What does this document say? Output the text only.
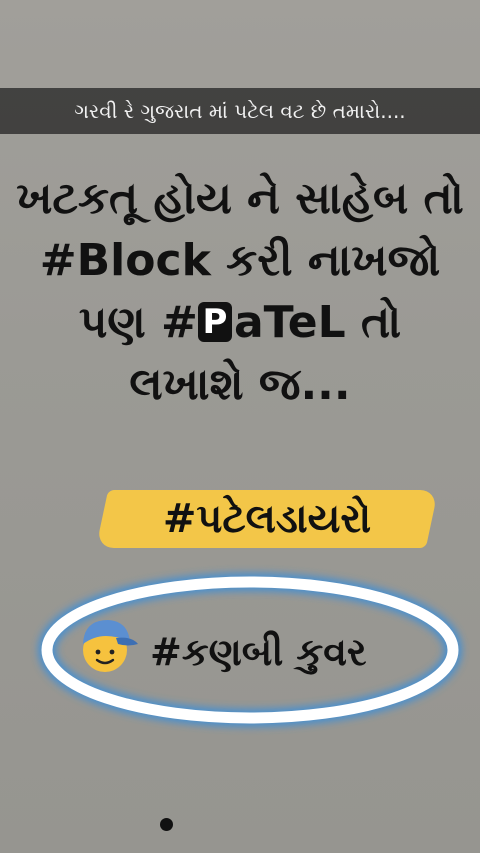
ગરવી રે ગુજરાત માં પટેલ વટ છે તમારો....
ખટકતૂ હોય ને સાહેબ તો
#Block કરી નાખજો
પણ # P aTeL તો
લખાશે જ...
#પટેલડાયરો
#કણબી કુવર
